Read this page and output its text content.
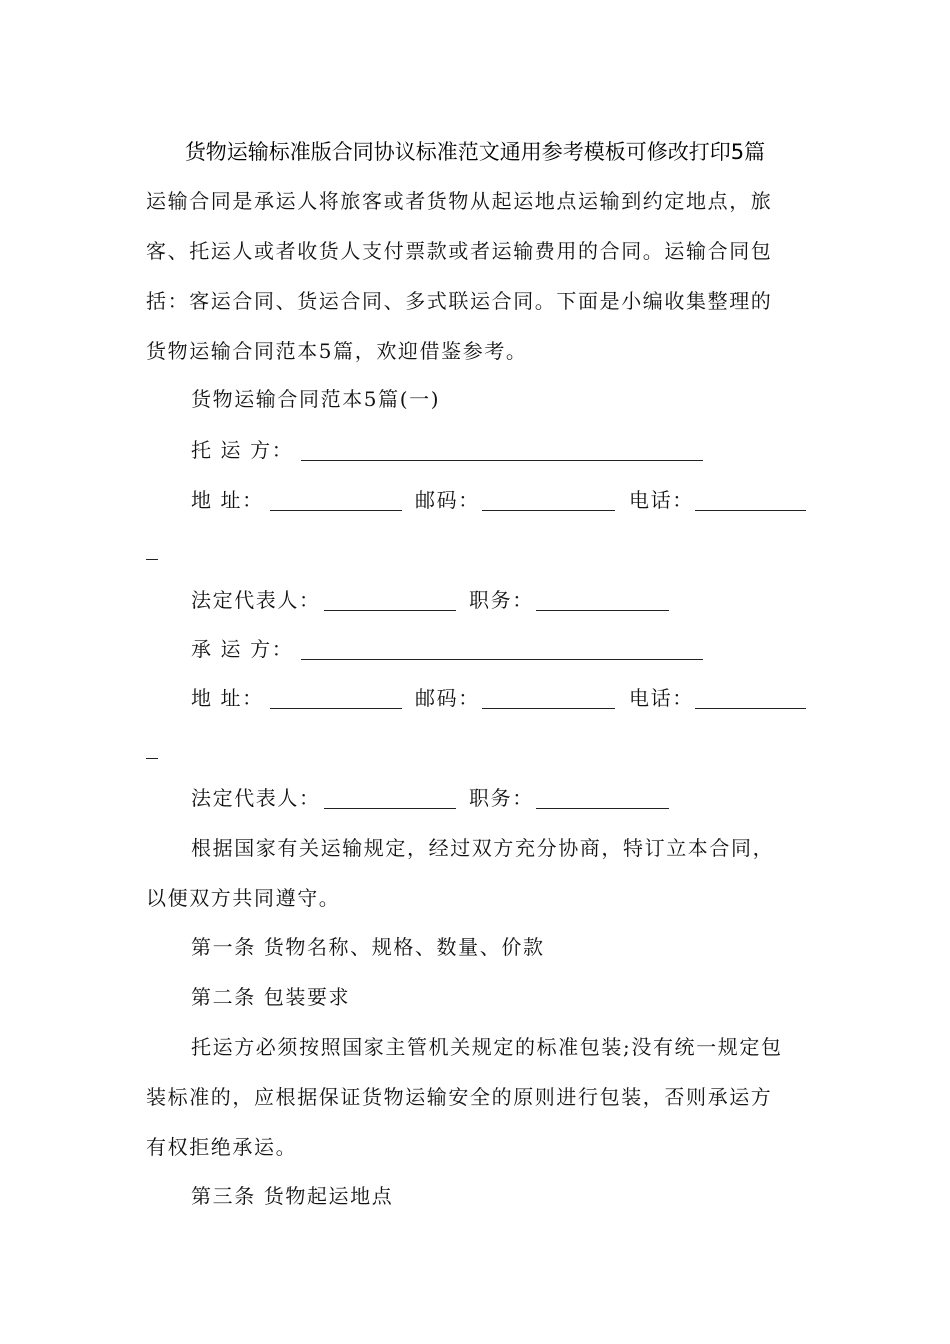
货物运输标准版合同协议标准范文通用参考模板可修改打印5篇
运输合同是承运人将旅客或者货物从起运地点运输到约定地点，旅
客、托运人或者收货人支付票款或者运输费用的合同。运输合同包
括：客运合同、货运合同、多式联运合同。下面是小编收集整理的
货物运输合同范本5篇，欢迎借鉴参考。
货物运输合同范本5篇(一)
托 运 方：
地 址：	邮码：	电话：
法定代表人：	职务：
承 运 方：
地 址：	邮码：	电话：
法定代表人：	职务：
根据国家有关运输规定，经过双方充分协商，特订立本合同，
以便双方共同遵守。
第一条 货物名称、规格、数量、价款
第二条 包装要求
托运方必须按照国家主管机关规定的标准包装;没有统一规定包
装标准的，应根据保证货物运输安全的原则进行包装，否则承运方
有权拒绝承运。
第三条 货物起运地点
